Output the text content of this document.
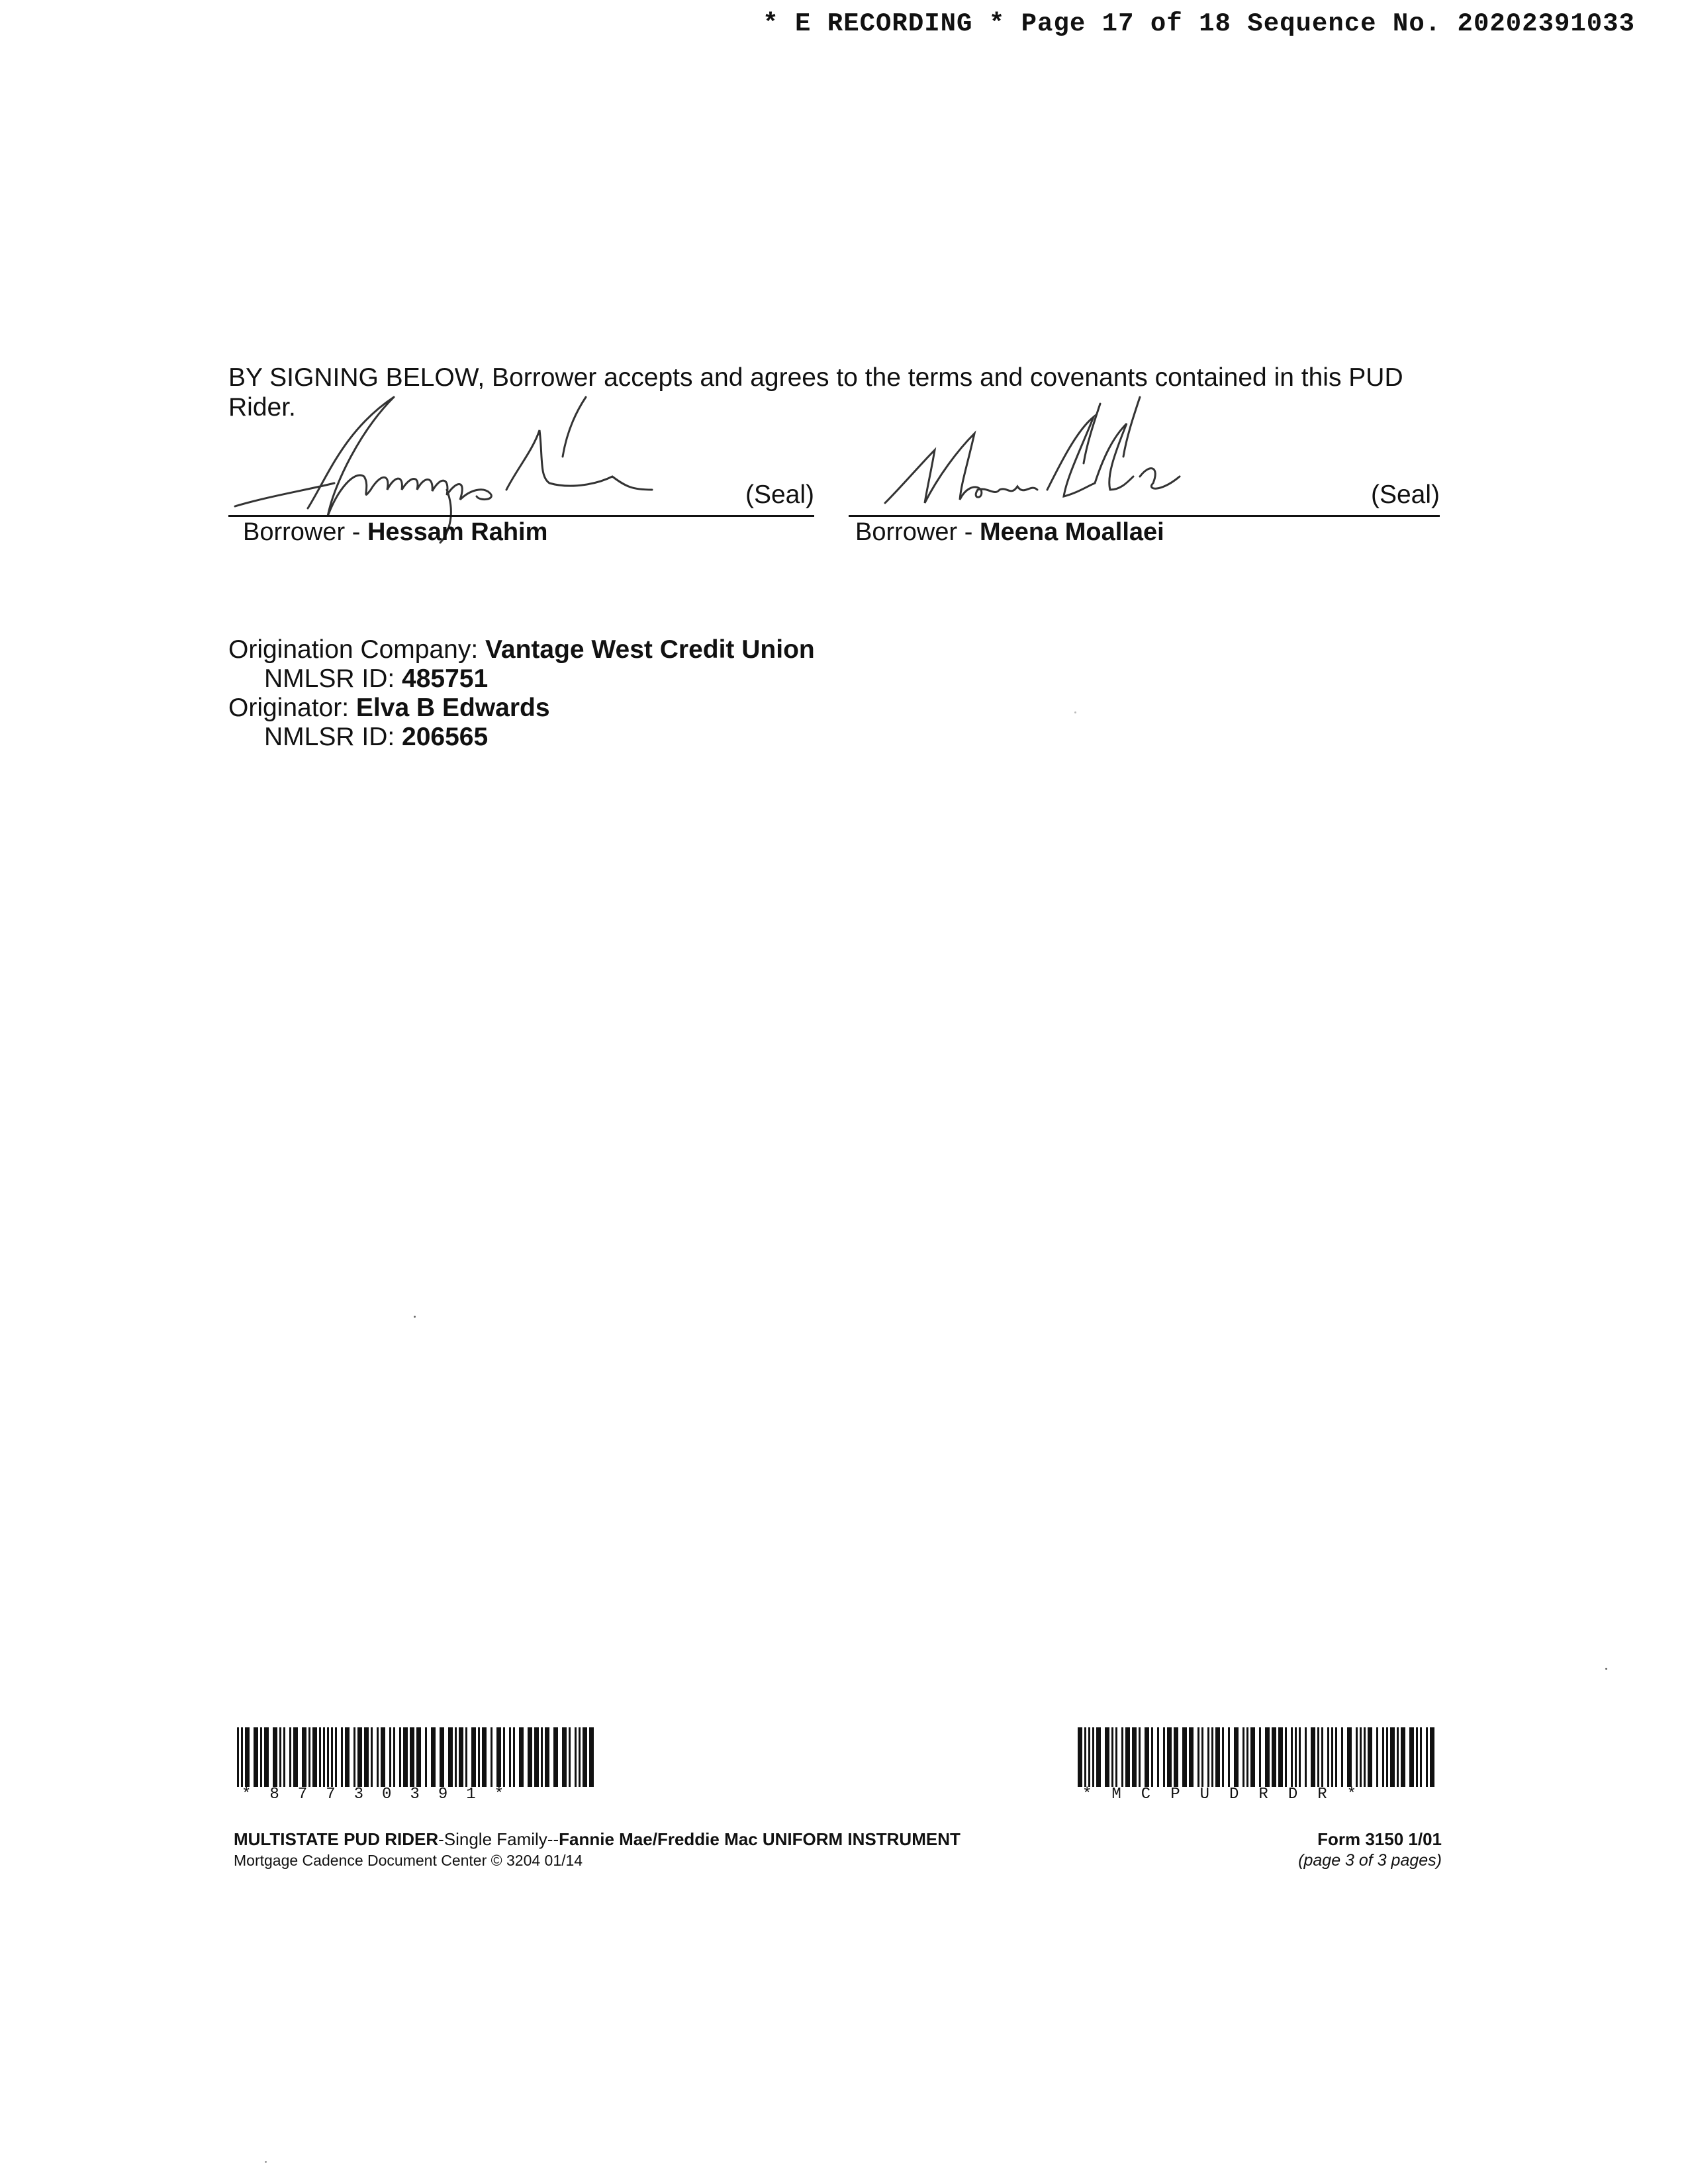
* E RECORDING * Page 17 of 18 Sequence No. 20202391033
BY SIGNING BELOW, Borrower accepts and agrees to the terms and covenants contained in this PUD Rider.
(Seal)
Borrower - Hessam Rahim
(Seal)
Borrower - Meena Moallaei
Origination Company: Vantage West Credit Union
NMLSR ID: 485751
Originator: Elva B Edwards
NMLSR ID: 206565
*87730391*	*MCPUDRDR*
MULTISTATE PUD RIDER-Single Family--Fannie Mae/Freddie Mac UNIFORM INSTRUMENT
Mortgage Cadence Document Center © 3204 01/14
Form 3150 1/01
(page 3 of 3 pages)
